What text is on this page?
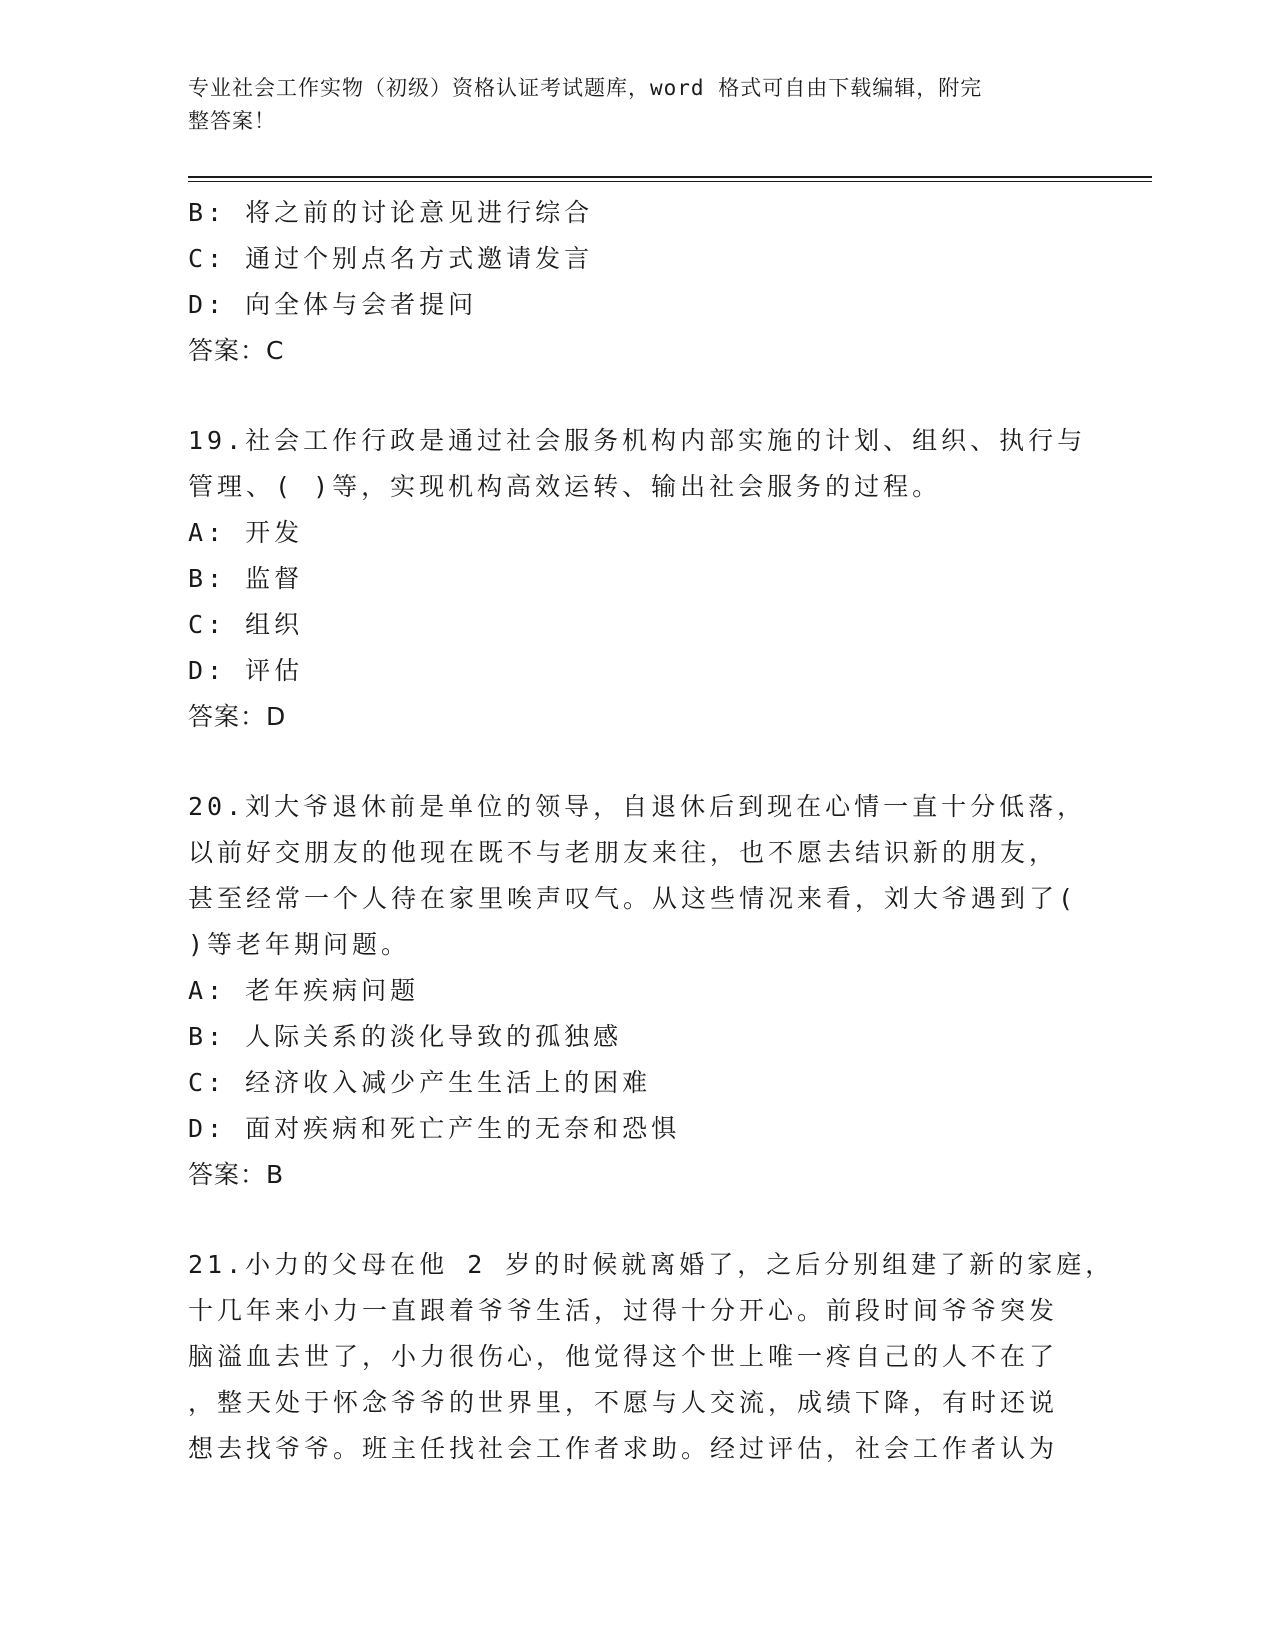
专业社会工作实物（初级）资格认证考试题库，word 格式可自由下载编辑，附完
整答案！
B: 将之前的讨论意见进行综合
C: 通过个别点名方式邀请发言
D: 向全体与会者提问
答案：C
19.社会工作行政是通过社会服务机构内部实施的计划、组织、执行与
管理、( )等，实现机构高效运转、输出社会服务的过程。
A: 开发
B: 监督
C: 组织
D: 评估
答案：D
20.刘大爷退休前是单位的领导，自退休后到现在心情一直十分低落，
以前好交朋友的他现在既不与老朋友来往，也不愿去结识新的朋友，
甚至经常一个人待在家里唉声叹气。从这些情况来看，刘大爷遇到了(
)等老年期问题。
A: 老年疾病问题
B: 人际关系的淡化导致的孤独感
C: 经济收入减少产生生活上的困难
D: 面对疾病和死亡产生的无奈和恐惧
答案：B
21.小力的父母在他 2 岁的时候就离婚了，之后分别组建了新的家庭，
十几年来小力一直跟着爷爷生活，过得十分开心。前段时间爷爷突发
脑溢血去世了，小力很伤心，他觉得这个世上唯一疼自己的人不在了
，整天处于怀念爷爷的世界里，不愿与人交流，成绩下降，有时还说
想去找爷爷。班主任找社会工作者求助。经过评估，社会工作者认为
